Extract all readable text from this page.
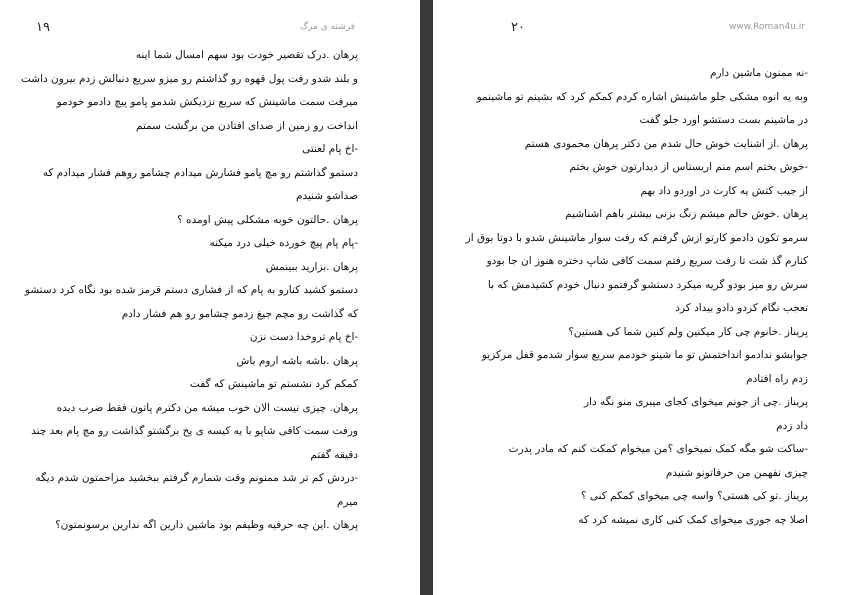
١٩	فرشته ی مرگ
پرهان .درک تقصیر خودت بود سهم امسال شما اینه
و بلند شدو رفت پول قهوه رو گذاشتم رو میزو سریع دنبالش زدم بیرون داشت
میرفت سمت ماشینش که سریع نزدیکش شدمو پامو پیچ دادمو خودمو
انداخت رو زمین از صدای افتادن من برگشت سمتم
-اخ پام لعنتی
دستمو گذاشتم رو مچ پامو فشارش میدادم چشامو روهم فشار میدادم که
صداشو شنیدم
پرهان .حالتون خوبه مشکلی پیش اومده ؟
-پام پام پیچ خورده خیلی درد میکنه
پرهان .بزارید ببینمش
دستمو کشید کنارو به پام که از فشاری دستم قرمز شده بود نگاه کرد دستشو
که گذاشت رو مچم جیغ زدمو چشامو رو هم فشار دادم
-اخ پام تروخدا دست نزن
پرهان .باشه باشه اروم باش
کمکم کرد نشستم تو ماشینش که گفت
پرهان. چیزی نیست الان خوب میشه من دکترم پاتون فقط ضرب دیده
ورفت سمت کافی شاپو با یه کیسه ی یخ برگشتو گذاشت رو مچ پام بعد چند
دقیقه گفتم
-دردش کم تر شد ممنونم وقت شمارم گرفتم ببخشید مزاحمتون شدم دیگه
میرم
پرهان .این چه حرفیه وظیفم بود ماشین دارین اگه ندارین برسونمتون؟
٢٠	www.Roman4u.ir
-نه ممنون ماشین دارم
وبه یه انوه مشکی جلو ماشینش اشاره کردم کمکم کرد که بشینم تو ماشینمو
در ماشینم بست دستشو اورد جلو گفت
پرهان .از اشنایت خوش حال شدم من دکتر پرهان محمودی هستم
-خوش بختم اسم منم اریستاس از دیدارتون خوش بختم
از جیب کتش یه کارت در اوردو داد بهم
پرهان .خوش حالم میشم زنگ بزنی بیشتر باهم اشناشیم
سرمو تکون دادمو کارتو ازش گرفتم که رفت سوار ماشینش شدو با دوتا بوق از
کنارم گذ شت تا رفت سریع رفتم سمت کافی شاپ دختره هنوز ان جا بودو
سرش رو میز بودو گریه میکرد دستشو گرفتمو دنبال خودم کشیدمش که با
تعجب نگام کردو دادو بیداد کرد
پریناز .خانوم چی کار میکنین ولم کنین شما کی هستین؟
جوابشو ندادمو انداختمش تو ما شینو خودمم سریع سوار شدمو قفل مرکزیو
زدم راه افتادم
پریناز .چی از جونم میخوای کجای میبری منو نگه دار
داد زدم
-ساکت شو مگه کمک نمیخوای ؟من میخوام کمکت کنم که مادر پدرت
چیزی نفهمن من حرفاتونو شنیدم
پریناز .تو کی هستی؟ واسه چی میخوای کمکم کنی ؟
اصلا چه جوری میخوای کمک کنی کاری نمیشه کرد که
